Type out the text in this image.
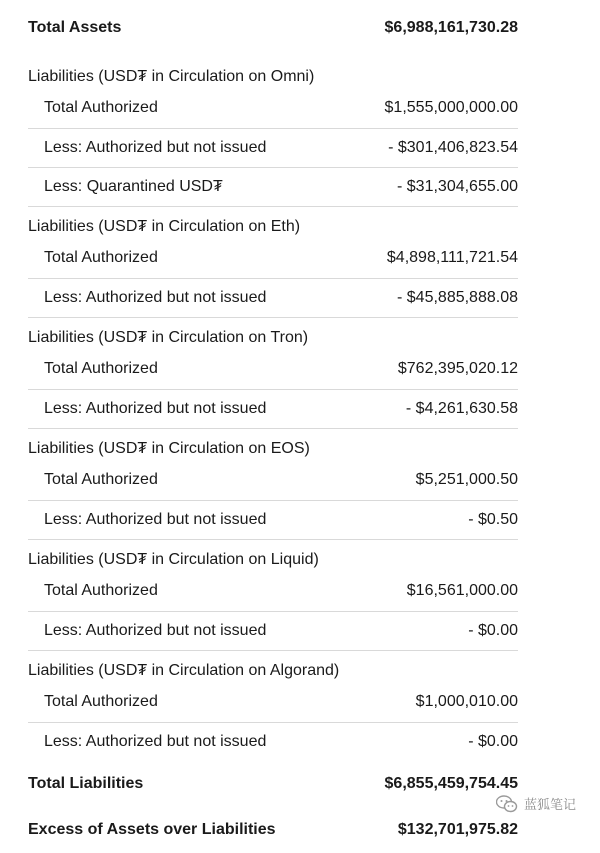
Total Assets	$6,988,161,730.28
Liabilities (USD₮ in Circulation on Omni)
Total Authorized	$1,555,000,000.00
Less: Authorized but not issued	- $301,406,823.54
Less: Quarantined USD₮	- $31,304,655.00
Liabilities (USD₮ in Circulation on Eth)
Total Authorized	$4,898,111,721.54
Less: Authorized but not issued	- $45,885,888.08
Liabilities (USD₮ in Circulation on Tron)
Total Authorized	$762,395,020.12
Less: Authorized but not issued	- $4,261,630.58
Liabilities (USD₮ in Circulation on EOS)
Total Authorized	$5,251,000.50
Less: Authorized but not issued	- $0.50
Liabilities (USD₮ in Circulation on Liquid)
Total Authorized	$16,561,000.00
Less: Authorized but not issued	- $0.00
Liabilities (USD₮ in Circulation on Algorand)
Total Authorized	$1,000,010.00
Less: Authorized but not issued	- $0.00
Total Liabilities	$6,855,459,754.45
Excess of Assets over Liabilities	$132,701,975.82
蓝狐笔记
